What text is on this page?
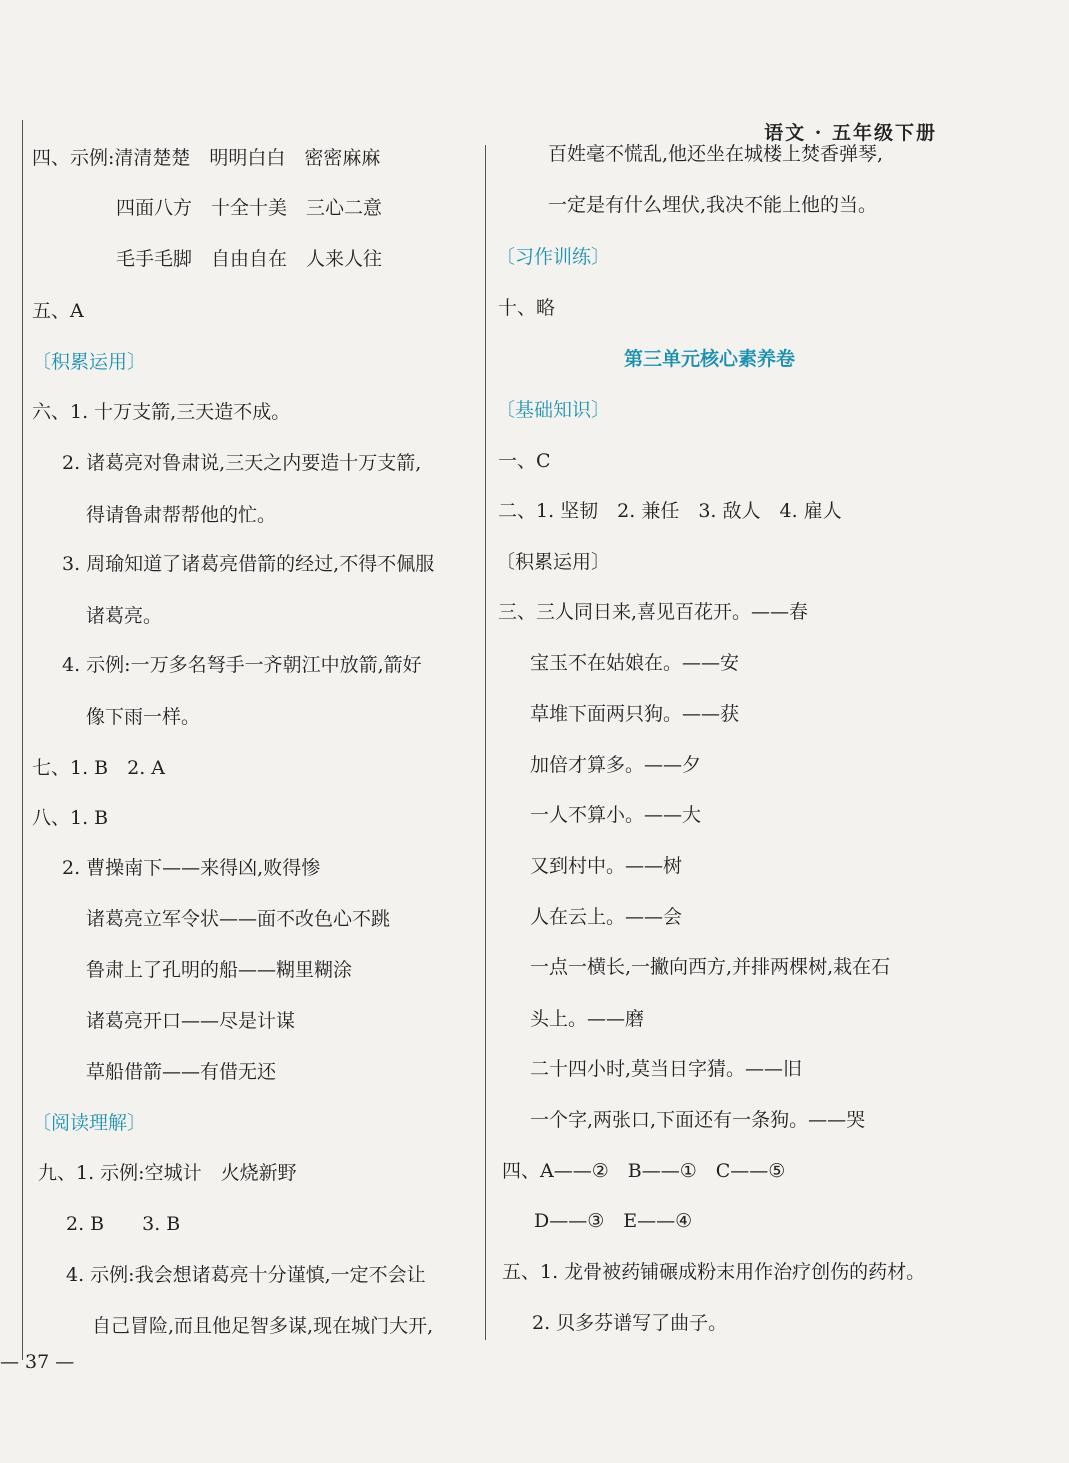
语文 · 五年级下册
四、示例:清清楚楚　明明白白　密密麻麻
四面八方　十全十美　三心二意
毛手毛脚　自由自在　人来人往
五、A
〔积累运用〕
六、1. 十万支箭,三天造不成。
2. 诸葛亮对鲁肃说,三天之内要造十万支箭,
得请鲁肃帮帮他的忙。
3. 周瑜知道了诸葛亮借箭的经过,不得不佩服
诸葛亮。
4. 示例:一万多名弩手一齐朝江中放箭,箭好
像下雨一样。
七、1. B　2. A
八、1. B
2. 曹操南下——来得凶,败得惨
诸葛亮立军令状——面不改色心不跳
鲁肃上了孔明的船——糊里糊涂
诸葛亮开口——尽是计谋
草船借箭——有借无还
〔阅读理解〕
九、1. 示例:空城计　火烧新野
2. B　　3. B
4. 示例:我会想诸葛亮十分谨慎,一定不会让
自己冒险,而且他足智多谋,现在城门大开,
百姓毫不慌乱,他还坐在城楼上焚香弹琴,
一定是有什么埋伏,我决不能上他的当。
〔习作训练〕
十、略
第三单元核心素养卷
〔基础知识〕
一、C
二、1. 坚韧　2. 兼任　3. 敌人　4. 雇人
〔积累运用〕
三、三人同日来,喜见百花开。——春
宝玉不在姑娘在。——安
草堆下面两只狗。——获
加倍才算多。——夕
一人不算小。——大
又到村中。——树
人在云上。——会
一点一横长,一撇向西方,并排两棵树,栽在石
头上。——磨
二十四小时,莫当日字猜。——旧
一个字,两张口,下面还有一条狗。——哭
四、A——②　B——①　C——⑤
D——③　E——④
五、1. 龙骨被药铺碾成粉末用作治疗创伤的药材。
2. 贝多芬谱写了曲子。
— 37 —
